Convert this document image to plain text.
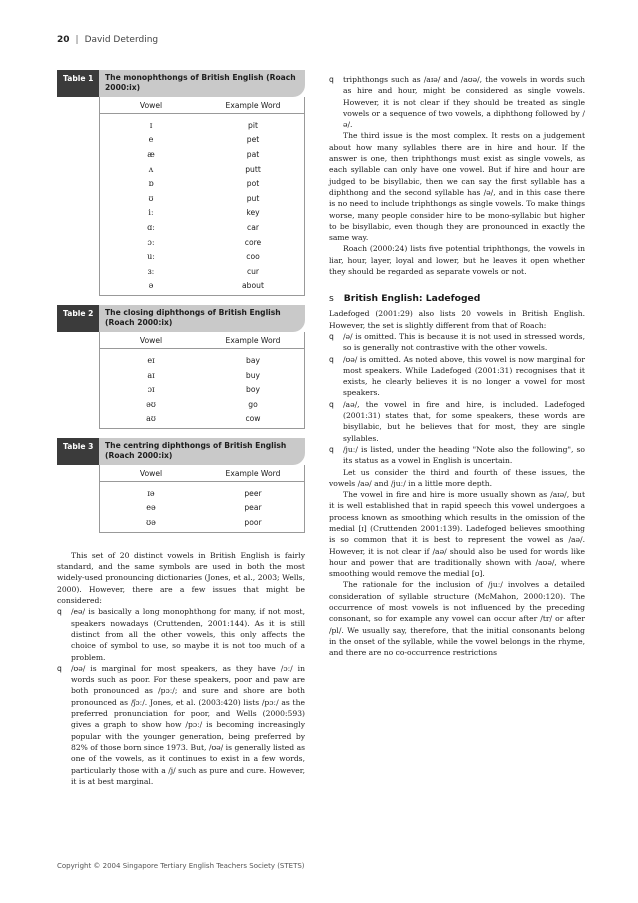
20 | David Deterding
Table 1	The monophthongs of British English (Roach 2000:ix)
Vowel	Example Word
ɪ	pit
e	pet
æ	pat
ʌ	putt
ɒ	pot
ʊ	put
iː	key
ɑː	car
ɔː	core
uː	coo
ɜː	cur
ə	about
Table 2	The closing diphthongs of British English (Roach 2000:ix)
Vowel	Example Word
eɪ	bay
aɪ	buy
ɔɪ	boy
əʊ	go
aʊ	cow
Table 3	The centring diphthongs of British English (Roach 2000:ix)
Vowel	Example Word
ɪə	peer
eə	pear
ʊə	poor

This set of 20 distinct vowels in British English is fairly standard, and the same symbols are used in both the most widely-used pronouncing dictionaries (Jones, et al., 2003; Wells, 2000). However, there are a few issues that might be considered:

q /eə/ is basically a long monophthong for many, if not most, speakers nowadays (Cruttenden, 2001:144). As it is still distinct from all the other vowels, this only affects the choice of symbol to use, so maybe it is not too much of a problem.
q /ʊə/ is marginal for most speakers, as they have /ɔː/ in words such as poor. For these speakers, poor and paw are both pronounced as /pɔː/; and sure and shore are both pronounced as /ʃɔː/. Jones, et al. (2003:420) lists /pɔː/ as the preferred pronunciation for poor, and Wells (2000:593) gives a graph to show how /pɔː/ is becoming increasingly popular with the younger generation, being preferred by 82% of those born since 1973. But, /ʊə/ is generally listed as one of the vowels, as it continues to exist in a few words, particularly those with a /j/ such as pure and cure. However, it is at best marginal.
q triphthongs such as /aɪə/ and /aʊə/, the vowels in words such as hire and hour, might be considered as single vowels. However, it is not clear if they should be treated as single vowels or a sequence of two vowels, a diphthong followed by /ə/.

The third issue is the most complex. It rests on a judgement about how many syllables there are in hire and hour. If the answer is one, then triphthongs must exist as single vowels, as each syllable can only have one vowel. But if hire and hour are judged to be bisyllabic, then we can say the first syllable has a diphthong and the second syllable has /ə/, and in this case there is no need to include triphthongs as single vowels. To make things worse, many people consider hire to be mono-syllabic but higher to be bisyllabic, even though they are pronounced in exactly the same way.

Roach (2000:24) lists five potential triphthongs, the vowels in liar, hour, layer, loyal and lower, but he leaves it open whether they should be regarded as separate vowels or not.

s British English: Ladefoged

Ladefoged (2001:29) also lists 20 vowels in British English. However, the set is slightly different from that of Roach:

q /ə/ is omitted. This is because it is not used in stressed words, so is generally not contrastive with the other vowels.
q /ʊə/ is omitted. As noted above, this vowel is now marginal for most speakers. While Ladefoged (2001:31) recognises that it exists, he clearly believes it is no longer a vowel for most speakers.
q /aə/, the vowel in fire and hire, is included. Ladefoged (2001:31) states that, for some speakers, these words are bisyllabic, but he believes that for most, they are single syllables.
q /juː/ is listed, under the heading "Note also the following", so its status as a vowel in English is uncertain.

Let us consider the third and fourth of these issues, the vowels /aə/ and /juː/ in a little more depth.

The vowel in fire and hire is more usually shown as /aɪə/, but it is well established that in rapid speech this vowel undergoes a process known as smoothing which results in the omission of the medial [ɪ] (Cruttenden 2001:139). Ladefoged believes smoothing is so common that it is best to represent the vowel as /aə/. However, it is not clear if /aə/ should also be used for words like hour and power that are traditionally shown with /aʊə/, where smoothing would remove the medial [ʊ].

The rationale for the inclusion of /juː/ involves a detailed consideration of syllable structure (McMahon, 2000:120). The occurrence of most vowels is not influenced by the preceding consonant, so for example any vowel can occur after /tr/ or after /pl/. We usually say, therefore, that the initial consonants belong in the onset of the syllable, while the vowel belongs in the rhyme, and there are no co-occurrence restrictions

Copyright © 2004 Singapore Tertiary English Teachers Society (STETS)
